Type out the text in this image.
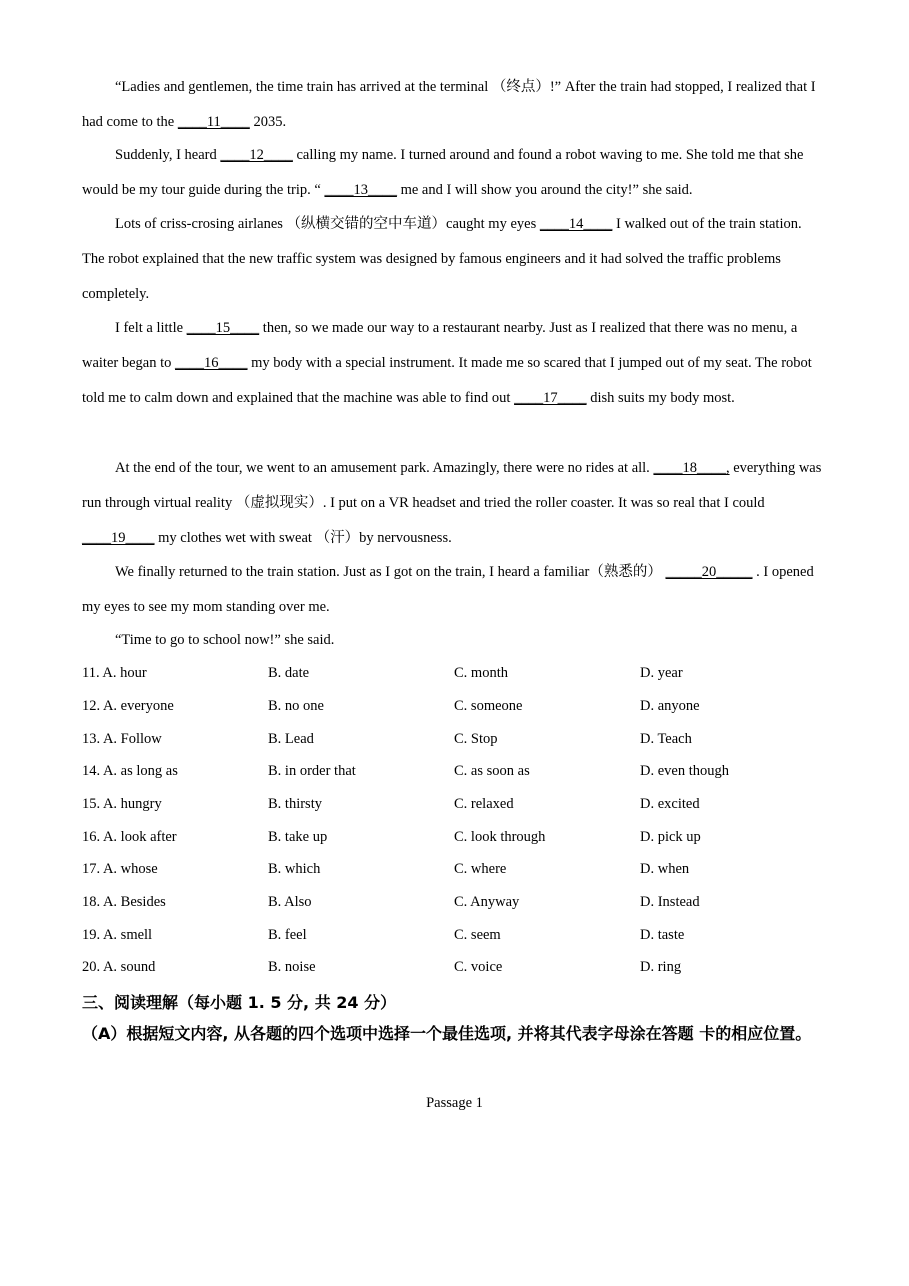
“Ladies and gentlemen, the time train has arrived at the terminal （终点）!” After the train had stopped, I realized that I had come to the ____11____ 2035.

Suddenly, I heard ____12____ calling my name. I turned around and found a robot waving to me. She told me that she would be my tour guide during the trip. “ ____13____ me and I will show you around the city!” she said.

Lots of criss-crosing airlanes （纵横交错的空中车道）caught my eyes ____14____ I walked out of the train station. The robot explained that the new traffic system was designed by famous engineers and it had solved the traffic problems completely.

I felt a little ____15____ then, so we made our way to a restaurant nearby. Just as I realized that there was no menu, a waiter began to ____16____ my body with a special instrument. It made me so scared that I jumped out of my seat. The robot told me to calm down and explained that the machine was able to find out ____17____ dish suits my body most.

At the end of the tour, we went to an amusement park. Amazingly, there were no rides at all. ____18____, everything was run through virtual reality （虚拟现实）. I put on a VR headset and tried the roller coaster. It was so real that I could ____19____ my clothes wet with sweat （汗）by nervousness.

We finally returned to the train station. Just as I got on the train, I heard a familiar（熟悉的） _____20_____ . I opened my eyes to see my mom standing over me.

“Time to go to school now!” she said.

11. A. hour	B. date	C. month	D. year
12. A. everyone	B. no one	C. someone	D. anyone
13. A. Follow	B. Lead	C. Stop	D. Teach
14. A. as long as	B. in order that	C. as soon as	D. even though
15. A. hungry	B. thirsty	C. relaxed	D. excited
16. A. look after	B. take up	C. look through	D. pick up
17. A. whose	B. which	C. where	D. when
18. A. Besides	B. Also	C. Anyway	D. Instead
19. A. smell	B. feel	C. seem	D. taste
20. A. sound	B. noise	C. voice	D. ring
三、阅读理解（每小题 1. 5 分, 共 24 分）

（A）根据短文内容, 从各题的四个选项中选择一个最佳选项, 并将其代表字母涂在答题 卡的相应位置。

Passage 1
